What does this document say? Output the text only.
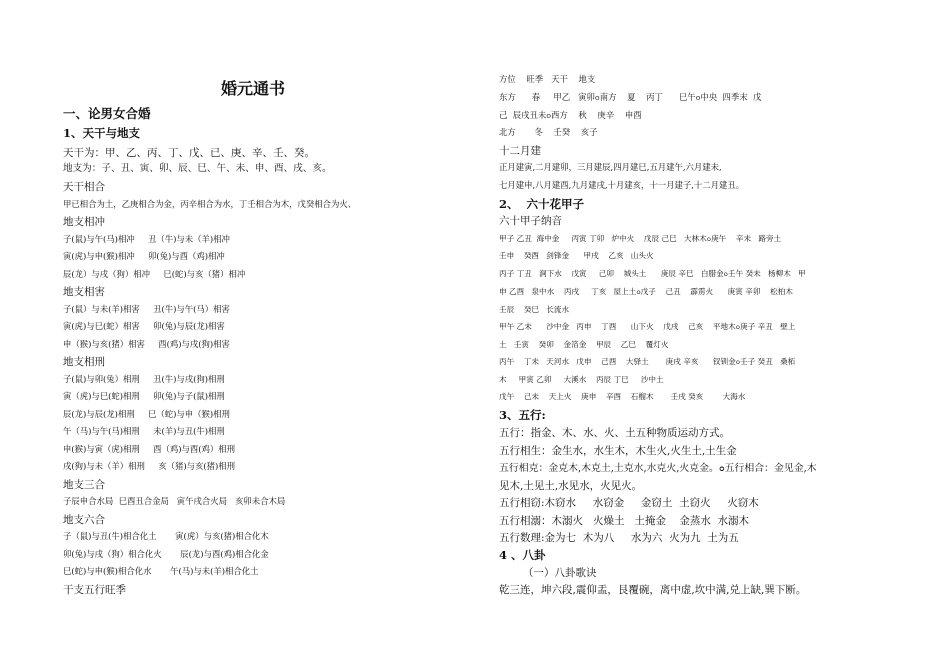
婚元通书
一、论男女合婚
1、天干与地支
天干为：甲、乙、丙、丁、戊、已、庚、辛、壬、癸。
地支为：子、丑、寅、卯、辰、巳、午、未、申、酉、戌、亥。
天干相合
甲已相合为土，乙庚相合为金，丙辛相合为水，丁壬相合为木，戊癸相合为火、
地支相冲
子(鼠)与午(马)相冲     丑（牛)与未（羊)相冲
寅(虎)与申(猴)相冲     卯(兔)与酉（鸡)相冲
辰(龙）与戌（狗）相冲     巳(蛇)与亥（猪）相冲
地支相害
子(鼠）与未(羊)相害     丑(牛)与午(马）相害
寅(虎)与巳(蛇）相害     卯(兔)与辰(龙)相害
申（猴)与亥(猪）相害     酉(鸡)与戌(狗)相害
地支相刑
子(鼠)与卯(兔）相刑     丑(牛)与戌(狗)相刑
寅（虎)与巳(蛇)相刑     卯(兔)与子(鼠)相刑
辰(龙)与辰(龙)相刑     巳（蛇)与申（猴)相刑
午（马)与午(马)相刑     未(羊)与丑(牛)相刑
申(猴)与寅（虎)相刑     酉（鸡)与酉(鸡）相刑
戌(狗)与未（羊）相刑     亥（猪)与亥(猪)相刑
地支三合
子辰申合水局  巳酉丑合金局   寅午戌合火局   亥卯未合木局
地支六合
子（鼠)与丑(牛)相合化土       寅(虎）与亥(猪)相合化木
卯(兔)与戌（狗）相合化火       辰(龙)与酉(鸡)相合化金
巳(蛇)与申(猴)相合化水       午(马)与未(羊)相合化土
干支五行旺季
方位    旺季   天干    地支
东方      春     甲乙   寅卯ߋ南方    夏    丙丁      巳午ߋ中央  四季末  戊
己  辰戌丑未ߋ西方    秋    庚辛    申酉
北方       冬    壬癸    亥子
十二月建
正月建寅,二月建卯，三月建辰,四月建巳,五月建午,六月建未,
七月建申,八月建酉,九月建戌,十月建亥，十一月建子,十二月建丑。
2、  六十花甲子
六十甲子纳音
甲子 乙丑  海中金     丙寅 丁卯   炉中火    戊辰 己巳   大林木ߋ庚午    辛未   路旁土
壬申    癸酉   剑锋金      甲戌    乙亥   山头火
丙子 丁丑   涧下水    戊寅     己卯    城头土      庚辰 辛巳   白腊金ߋ壬午 癸未   杨柳木   甲
申 乙酉   泉中水    丙戌     丁亥   屋上土ߋ戊子    己丑    霹雳火      庚寅 辛卯    松柏木
壬辰    癸巳   长流水
甲午 乙未      沙中金   丙申    丁酉      山下火    戊戌    己亥    平地木ߋ庚子 辛丑   壁上
土   壬寅    癸卯    金箔金    甲辰    乙巳    覆灯火
丙午    丁未   天河水   戊申    己酉    大驿土       庚戌 辛亥      钗钏金ߋ壬子 癸丑   桑柘
木     甲寅 乙卯     大溪水    丙辰 丁巳     沙中土
戊午    己未    天上火    庚申    辛酉    石榴木       壬戌 癸亥        大海水
3、五行:
五行：指金、木、水、火、土五种物质运动方式。
五行相生：金生水，水生木，木生火,火生土,土生金
五行相克：金克木,木克土,土克水,水克火,火克金。ߋ五行相合：金见金,木
见木,土见土,水见水，火见火。
五行相窃:木窃水     水窃金     金窃土  土窃火     火窃木
五行相溺：木溺火   火燥土   土掩金    金蒸水  水溺木
五行数理:金为七  木为八     水为六  火为九  土为五
4 、八卦
（一）八卦歌诀
乾三连，坤六段,震仰盂，艮覆碗，离中虚,坎中满,兑上缺,巽下断。
